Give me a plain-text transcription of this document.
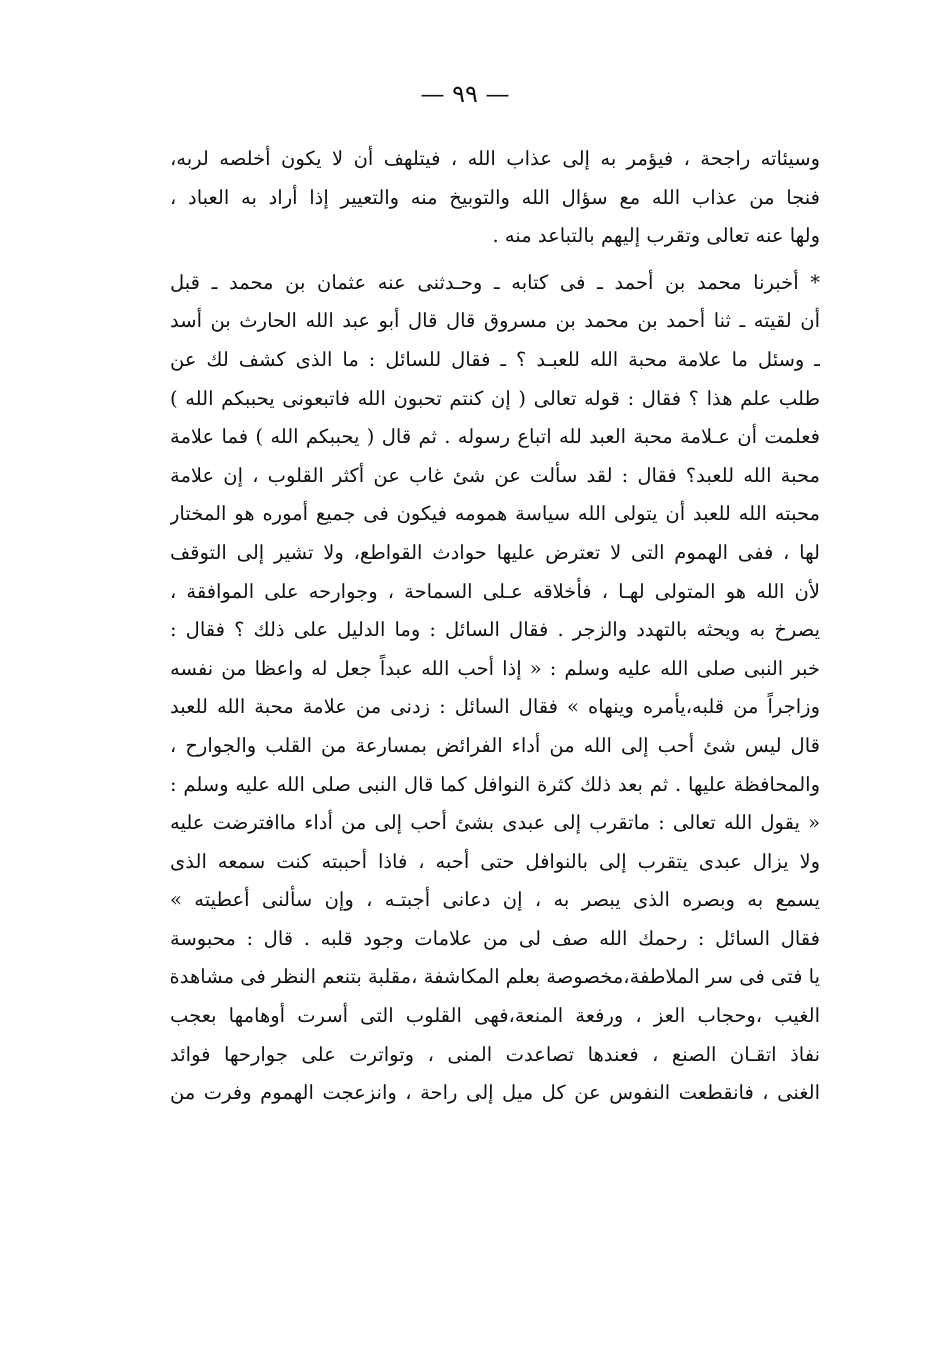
— ٩٩ —
وسيئاته راجحة ، فيؤمر به إلى عذاب الله ، فيتلهف أن لا يكون أخلصه لربه،
فنجا من عذاب الله مع سؤال الله والتوبيخ منه والتعيير إذا أراد به العباد ،
ولها عنه تعالى وتقرب إليهم بالتباعد منه .
* أخبرنا محمد بن أحمد ـ فى كتابه ـ وحـدثنى عنه عثمان بن محمد ـ قبل
أن لقيته ـ ثنا أحمد بن محمد بن مسروق قال قال أبو عبد الله الحارث بن أسد
ـ وسئل ما علامة محبة الله للعبـد ؟ ـ فقال للسائل : ما الذى كشف لك عن
طلب علم هذا ؟ فقال : قوله تعالى ( إن كنتم تحبون الله فاتبعونى يحببكم الله )
فعلمت أن عـلامة محبة العبد لله اتباع رسوله . ثم قال ( يحببكم الله ) فما علامة
محبة الله للعبد؟ فقال : لقد سألت عن شئ غاب عن أكثر القلوب ، إن علامة
محبته الله للعبد أن يتولى الله سياسة همومه فيكون فى جميع أموره هو المختار
لها ، ففى الهموم التى لا تعترض عليها حوادث القواطع، ولا تشير إلى التوقف
لأن الله هو المتولى لهـا ، فأخلاقه عـلى السماحة ، وجوارحه على الموافقة ،
يصرخ به ويحثه بالتهدد والزجر . فقال السائل : وما الدليل على ذلك ؟ فقال :
خبر النبى صلى الله عليه وسلم : « إذا أحب الله عبداً جعل له واعظا من نفسه
وزاجراً من قلبه،يأمره وينهاه » فقال السائل : زدنى من علامة محبة الله للعبد
قال ليس شئ أحب إلى الله من أداء الفرائض بمسارعة من القلب والجوارح ،
والمحافظة عليها . ثم بعد ذلك كثرة النوافل كما قال النبى صلى الله عليه وسلم :
« يقول الله تعالى : ماتقرب إلى عبدى بشئ أحب إلى من أداء ماافترضت عليه
ولا يزال عبدى يتقرب إلى بالنوافل حتى أحبه ، فاذا أحببته كنت سمعه الذى
يسمع به وبصره الذى يبصر به ، إن دعانى أجبتـه ، وإن سألنى أعطيته »
فقال السائل : رحمك الله صف لى من علامات وجود قلبه . قال : محبوسة
يا فتى فى سر الملاطفة،مخصوصة بعلم المكاشفة ،مقلبة بتنعم النظر فى مشاهدة
الغيب ،وحجاب العز ، ورفعة المنعة،فهى القلوب التى أسرت أوهامها بعجب
نفاذ اتقـان الصنع ، فعندها تصاعدت المنى ، وتواترت على جوارحها فوائد
الغنى ، فانقطعت النفوس عن كل ميل إلى راحة ، وانزعجت الهموم وفرت من
